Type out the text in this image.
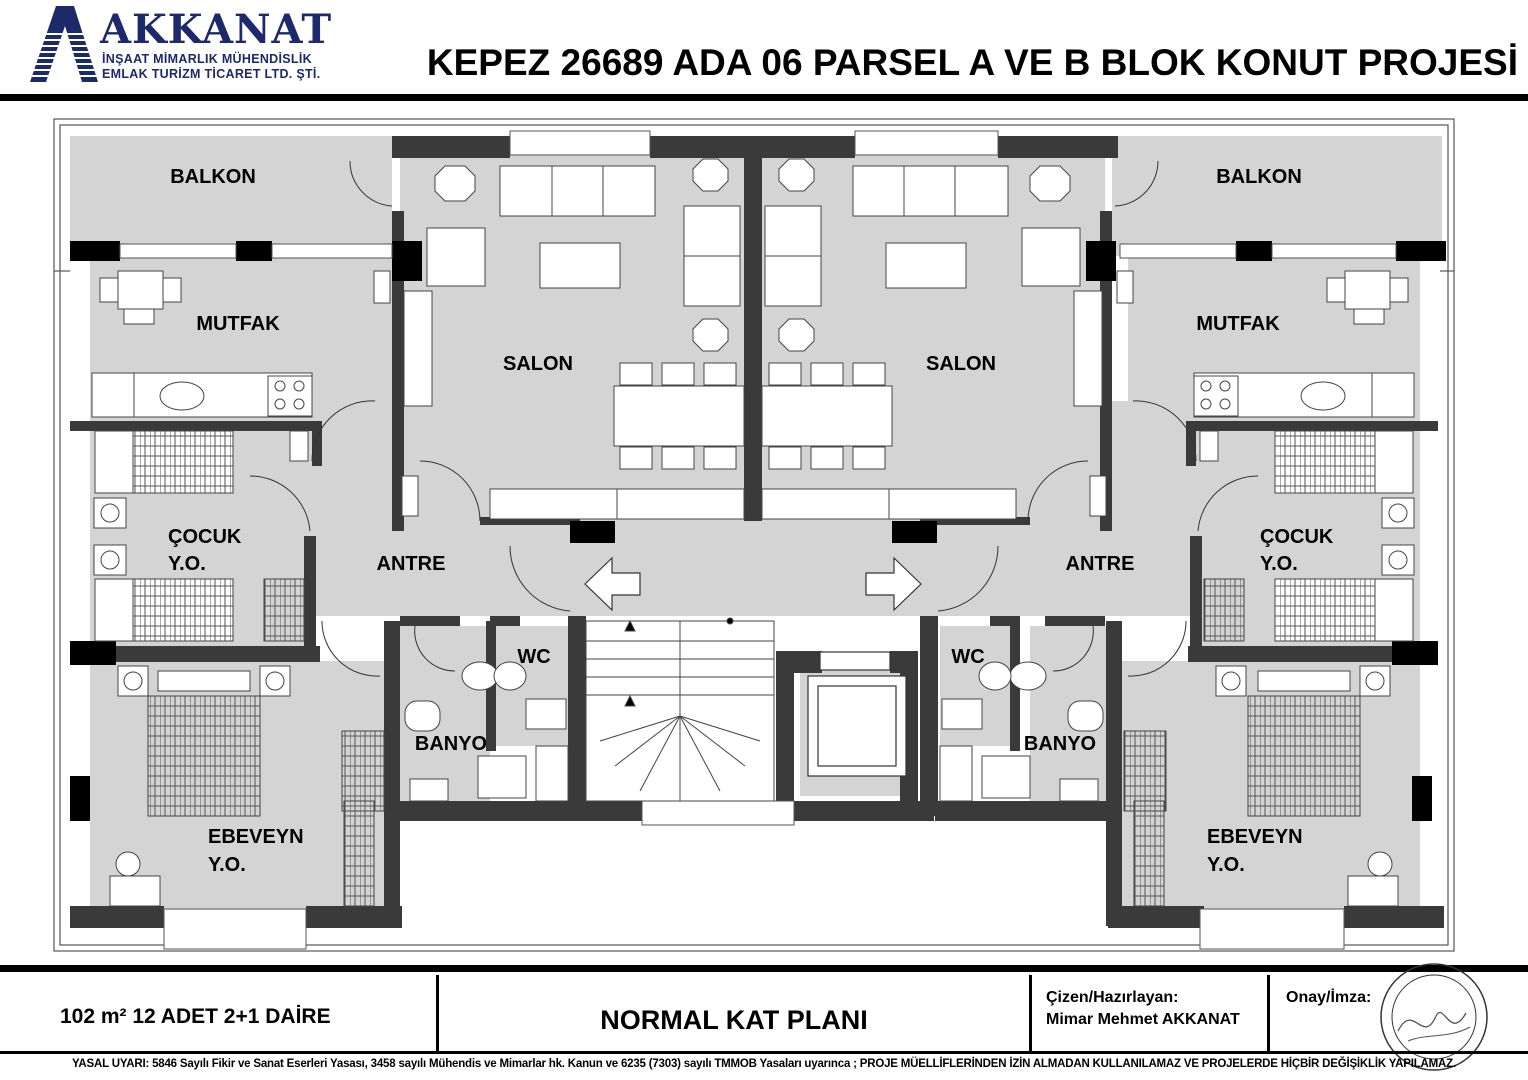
AKKANAT
İNŞAAT MİMARLIK MÜHENDİSLİK
EMLAK TURİZM TİCARET LTD. ŞTİ.	KEPEZ 26689 ADA 06 PARSEL A VE B BLOK KONUT PROJESİ
BALKON	BALKON
MUTFAK	MUTFAK
SALON	SALON
ÇOCUK
Y.O.
ÇOCUK
Y.O.
ANTRE	ANTRE
WC	WC
BANYO	BANYO
EBEVEYN
Y.O.
EBEVEYN
Y.O.
102 m² 12 ADET 2+1 DAİRE	NORMAL KAT PLANI
Çizen/Hazırlayan:
Mimar Mehmet AKKANAT
Onay/İmza:
YASAL UYARI: 5846 Sayılı Fikir ve Sanat Eserleri Yasası, 3458 sayılı Mühendis ve Mimarlar hk. Kanun ve 6235 (7303) sayılı TMMOB Yasaları uyarınca ; PROJE MÜELLİFLERİNDEN İZİN ALMADAN KULLANILAMAZ VE PROJELERDE HİÇBİR DEĞİŞİKLİK YAPILAMAZ.
